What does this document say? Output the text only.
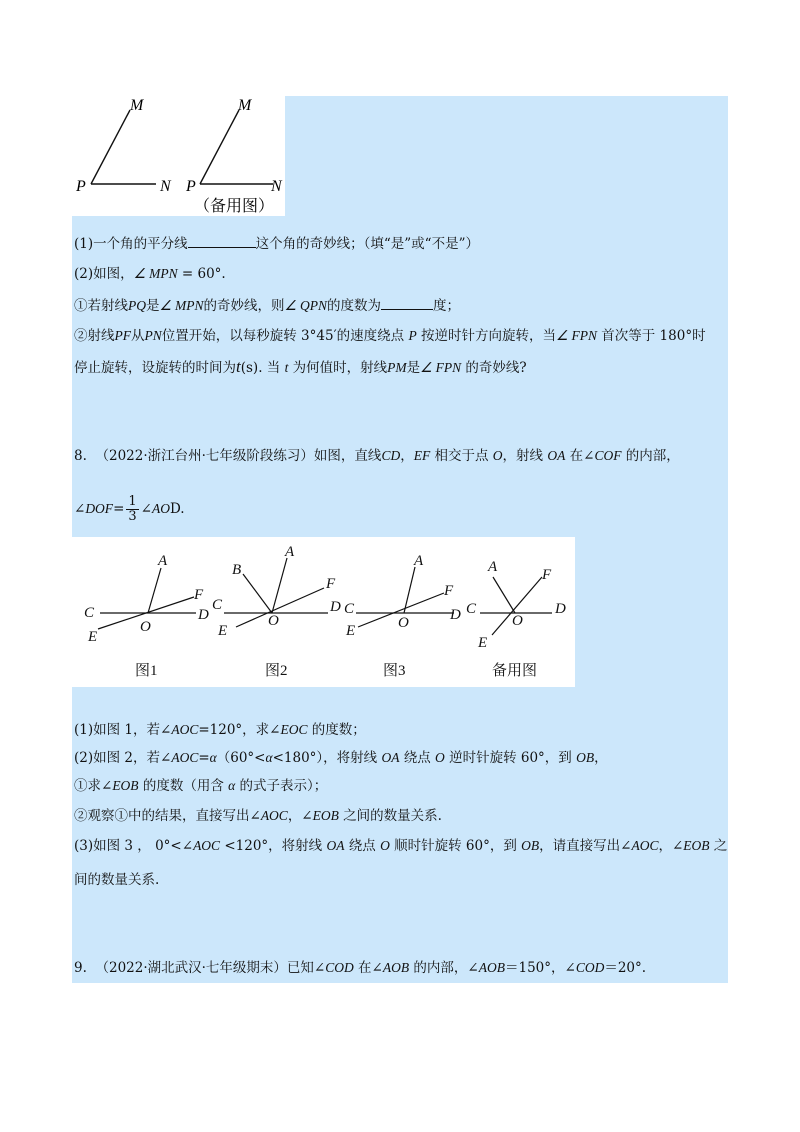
M
P	N
M
P	N
（备用图）
(1)一个角的平分线	这个角的奇妙线；（填“是”或“不是”）
(2)如图，∠ MPN = 60°.
①若射线PQ是∠ MPN的奇妙线，则∠ QPN的度数为	度；
②射线PF从PN位置开始，以每秒旋转 3°45′的速度绕点 P 按逆时针方向旋转，当∠ FPN 首次等于 180°时
停止旋转，设旋转的时间为t(s). 当 t 为何值时，射线PM是∠ FPN 的奇妙线?
8. （2022·浙江台州·七年级阶段练习）如图，直线CD，EF 相交于点 O，射线 OA 在∠COF 的内部，
∠DOF= $\frac{1}{3}$ ∠AOD.
A
F
C	D
E
O
B
A
F
C	D
E
O
A
F
C	D
E	O
A	F
C	D
E
O
图1	图2	图3	备用图
(1)如图 1，若∠AOC=120°，求∠EOC 的度数；
(2)如图 2，若∠AOC=α（60°<α<180°），将射线 OA 绕点 O 逆时针旋转 60°，到 OB，
①求∠EOB 的度数（用含 α 的式子表示）；
②观察①中的结果，直接写出∠AOC，∠EOB 之间的数量关系.
(3)如图 3 ， 0°<∠AOC <120°，将射线 OA 绕点 O 顺时针旋转 60°，到 OB，请直接写出∠AOC，∠EOB 之
间的数量关系.
9. （2022·湖北武汉·七年级期末）已知∠COD 在∠AOB 的内部，∠AOB＝150°，∠COD＝20°.
